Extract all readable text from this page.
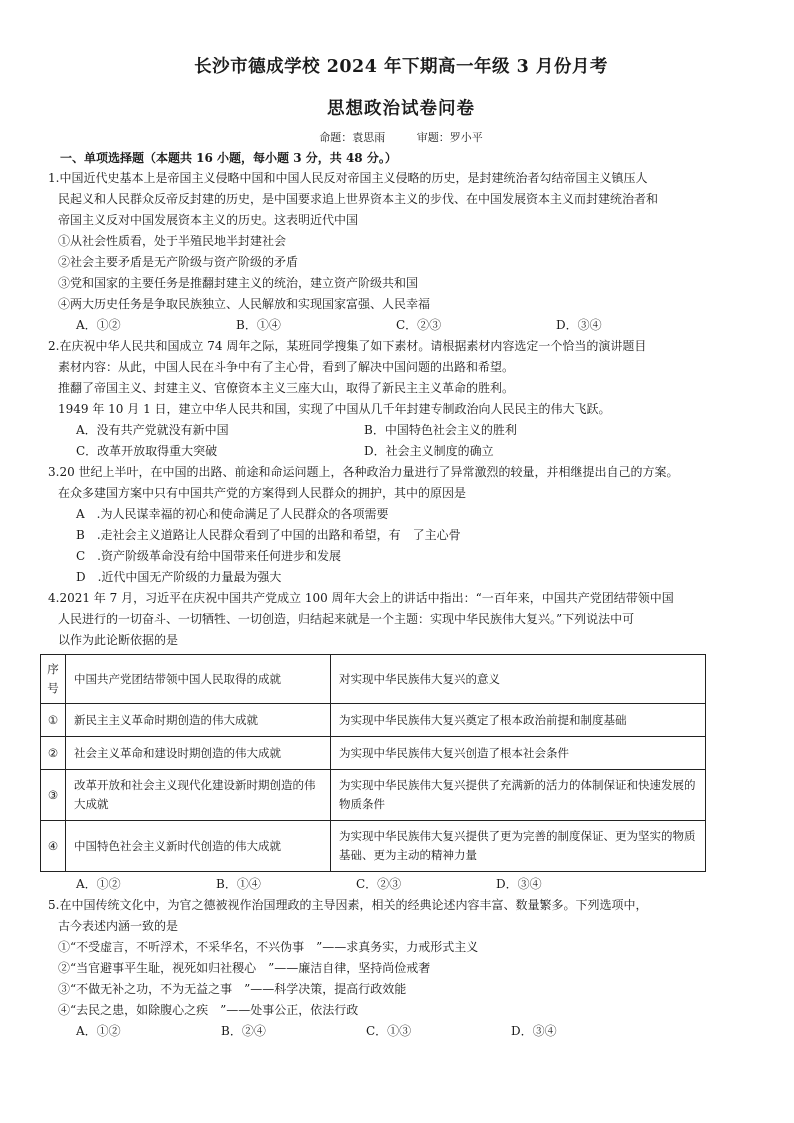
长沙市德成学校 2024 年下期高一年级 3 月份月考
思想政治试卷问卷
命题：袁思雨	审题：罗小平
一、单项选择题（本题共 16 小题，每小题 3 分，共 48 分。）
1.中国近代史基本上是帝国主义侵略中国和中国人民反对帝国主义侵略的历史，是封建统治者勾结帝国主义镇压人
民起义和人民群众反帝反封建的历史，是中国要求追上世界资本主义的步伐、在中国发展资本主义而封建统治者和
帝国主义反对中国发展资本主义的历史。这表明近代中国
①从社会性质看，处于半殖民地半封建社会
②社会主要矛盾是无产阶级与资产阶级的矛盾
③党和国家的主要任务是推翻封建主义的统治，建立资产阶级共和国
④两大历史任务是争取民族独立、人民解放和实现国家富强、人民幸福
A．①②	B．①④	C．②③	D．③④
2.在庆祝中华人民共和国成立 74 周年之际，某班同学搜集了如下素材。请根据素材内容选定一个恰当的演讲题目
素材内容：从此，中国人民在斗争中有了主心骨，看到了解决中国问题的出路和希望。
推翻了帝国主义、封建主义、官僚资本主义三座大山，取得了新民主主义革命的胜利。
1949 年 10 月 1 日，建立中华人民共和国，实现了中国从几千年封建专制政治向人民民主的伟大飞跃。
A．没有共产党就没有新中国	B．中国特色社会主义的胜利
C．改革开放取得重大突破	D．社会主义制度的确立
3.20 世纪上半叶，在中国的出路、前途和命运问题上，各种政治力量进行了异常激烈的较量，并相继提出自己的方案。
在众多建国方案中只有中国共产党的方案得到人民群众的拥护，其中的原因是
A　.为人民谋幸福的初心和使命满足了人民群众的各项需要
B　.走社会主义道路让人民群众看到了中国的出路和希望，有　了主心骨
C　.资产阶级革命没有给中国带来任何进步和发展
D　.近代中国无产阶级的力量最为强大
4.2021 年 7 月，习近平在庆祝中国共产党成立 100 周年大会上的讲话中指出：“一百年来，中国共产党团结带领中国
人民进行的一切奋斗、一切牺牲、一切创造，归结起来就是一个主题：实现中华民族伟大复兴。”下列说法中可
以作为此论断依据的是
序号	中国共产党团结带领中国人民取得的成就	对实现中华民族伟大复兴的意义
①	新民主主义革命时期创造的伟大成就	为实现中华民族伟大复兴奠定了根本政治前提和制度基础
②	社会主义革命和建设时期创造的伟大成就	为实现中华民族伟大复兴创造了根本社会条件
③	改革开放和社会主义现代化建设新时期创造的伟大成就	为实现中华民族伟大复兴提供了充满新的活力的体制保证和快速发展的物质条件
④	中国特色社会主义新时代创造的伟大成就	为实现中华民族伟大复兴提供了更为完善的制度保证、更为坚实的物质基础、更为主动的精神力量
A．①②	B．①④	C．②③	D．③④
5.在中国传统文化中，为官之德被视作治国理政的主导因素，相关的经典论述内容丰富、数量繁多。下列选项中，
古今表述内涵一致的是
①“不受虚言，不听浮术，不采华名，不兴伪事　”——求真务实，力戒形式主义
②“当官避事平生耻，视死如归社稷心　”——廉洁自律，坚持尚俭戒奢
③“不做无补之功，不为无益之事　”——科学决策，提高行政效能
④“去民之患，如除腹心之疾　”——处事公正，依法行政
A．①②	B．②④	C．①③	D．③④
